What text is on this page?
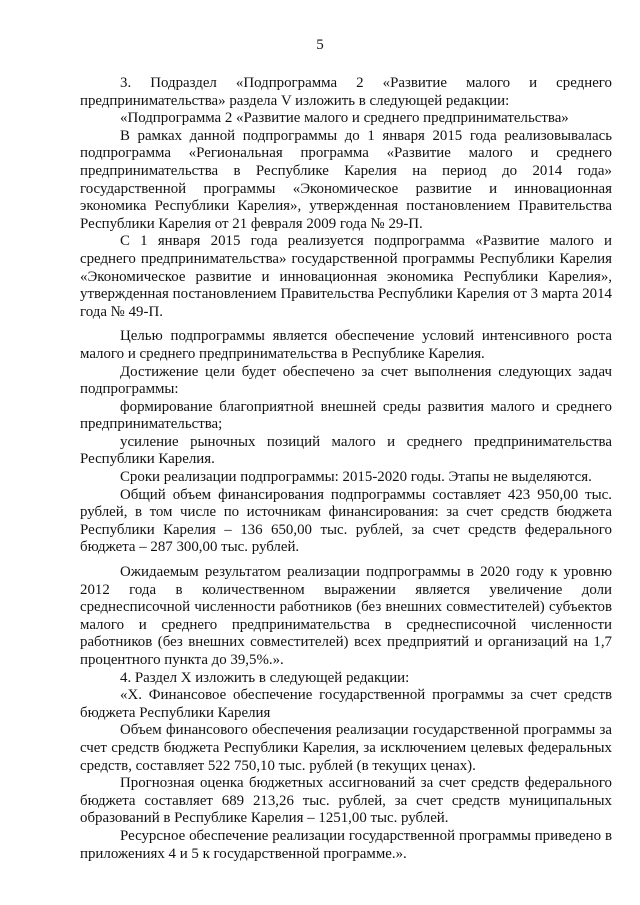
5

3. Подраздел «Подпрограмма 2 «Развитие малого и среднего предпринимательства» раздела V изложить в следующей редакции:

«Подпрограмма 2 «Развитие малого и среднего предпринимательства»

В рамках данной подпрограммы до 1 января 2015 года реализовывалась подпрограмма «Региональная программа «Развитие малого и среднего предпринимательства в Республике Карелия на период до 2014 года» государственной программы «Экономическое развитие и инновационная экономика Республики Карелия», утвержденная постановлением Правительства Республики Карелия от 21 февраля 2009 года № 29-П.

С 1 января 2015 года реализуется подпрограмма «Развитие малого и среднего предпринимательства» государственной программы Республики Карелия «Экономическое развитие и инновационная экономика Республики Карелия», утвержденная постановлением Правительства Республики Карелия от 3 марта 2014 года № 49-П.

Целью подпрограммы является обеспечение условий интенсивного роста малого и среднего предпринимательства в Республике Карелия.

Достижение цели будет обеспечено за счет выполнения следующих задач подпрограммы:

формирование благоприятной внешней среды развития малого и среднего предпринимательства;

усиление рыночных позиций малого и среднего предпринимательства Республики Карелия.

Сроки реализации подпрограммы: 2015-2020 годы. Этапы не выделяются.

Общий объем финансирования подпрограммы составляет 423 950,00 тыс. рублей, в том числе по источникам финансирования: за счет средств бюджета Республики Карелия – 136 650,00 тыс. рублей, за счет средств федерального бюджета – 287 300,00 тыс. рублей.

Ожидаемым результатом реализации подпрограммы в 2020 году к уровню 2012 года в количественном выражении является увеличение доли среднесписочной численности работников (без внешних совместителей) субъектов малого и среднего предпринимательства в среднесписочной численности работников (без внешних совместителей) всех предприятий и организаций на 1,7 процентного пункта до 39,5%.».

4. Раздел X изложить в следующей редакции:

«X. Финансовое обеспечение государственной программы за счет средств бюджета Республики Карелия

Объем финансового обеспечения реализации государственной программы за счет средств бюджета Республики Карелия, за исключением целевых федеральных средств, составляет 522 750,10 тыс. рублей (в текущих ценах).

Прогнозная оценка бюджетных ассигнований за счет средств федерального бюджета составляет 689 213,26 тыс. рублей, за счет средств муниципальных образований в Республике Карелия – 1251,00 тыс. рублей.

Ресурсное обеспечение реализации государственной программы приведено в приложениях 4 и 5 к государственной программе.».
